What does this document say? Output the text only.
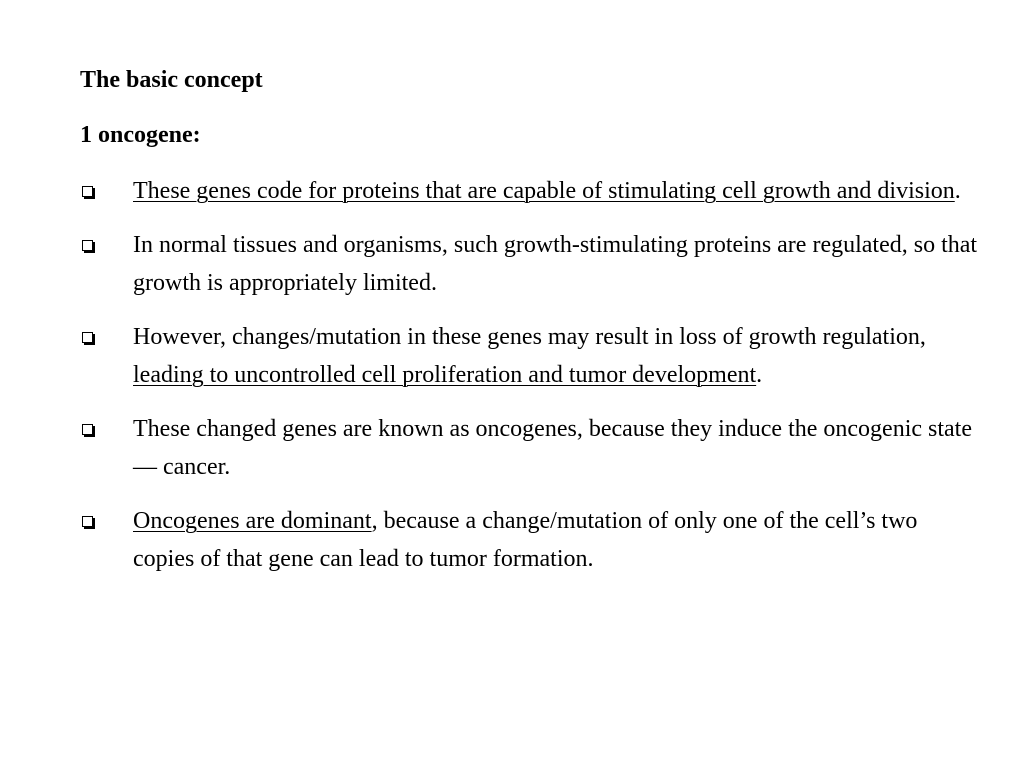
The basic concept
1 oncogene:
These genes code for proteins that are capable of stimulating cell growth and division.
In normal tissues and organisms, such growth-stimulating proteins are regulated, so that growth is appropriately limited.
However, changes/mutation in these genes may result in loss of growth regulation, leading to uncontrolled cell proliferation and tumor development.
These changed genes are known as oncogenes, because they induce the oncogenic state — cancer.
Oncogenes are dominant, because a change/mutation of only one of the cell’s two copies of that gene can lead to tumor formation.
